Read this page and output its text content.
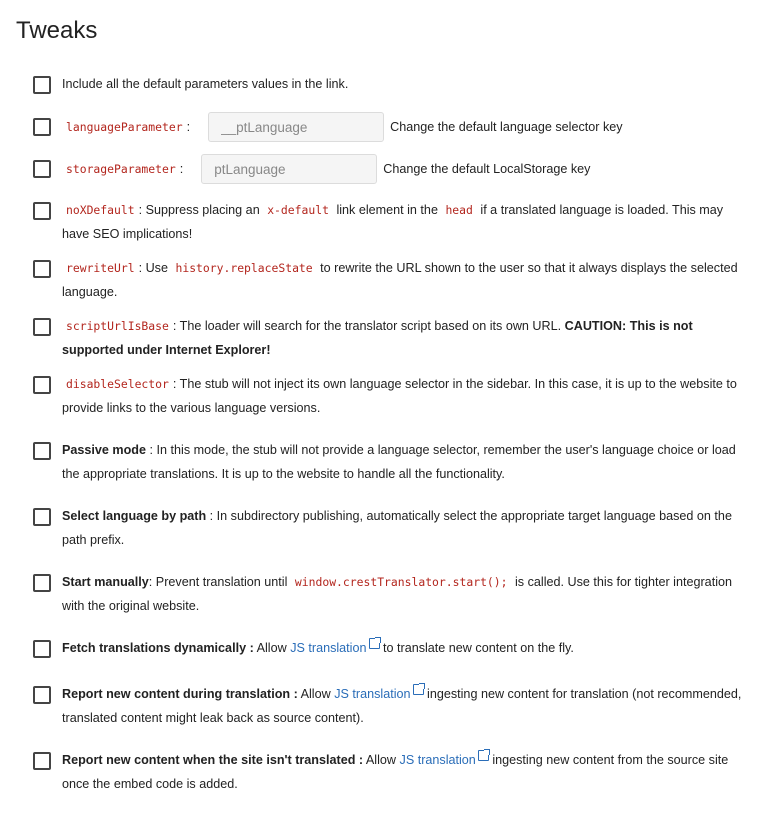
Tweaks
Include all the default parameters values in the link.
languageParameter :
__ptLanguage	Change the default language selector key
storageParameter :
ptLanguage	Change the default LocalStorage key
noXDefault : Suppress placing an x-default link element in the head if a translated language is loaded. This may have SEO implications!
rewriteUrl : Use history.replaceState to rewrite the URL shown to the user so that it always displays the selected language.
scriptUrlIsBase : The loader will search for the translator script based on its own URL. CAUTION: This is not supported under Internet Explorer!
disableSelector : The stub will not inject its own language selector in the sidebar. In this case, it is up to the website to provide links to the various language versions.
Passive mode : In this mode, the stub will not provide a language selector, remember the user's language choice or load the appropriate translations. It is up to the website to handle all the functionality.
Select language by path : In subdirectory publishing, automatically select the appropriate target language based on the path prefix.
Start manually: Prevent translation until window.crestTranslator.start(); is called. Use this for tighter integration with the original website.
Fetch translations dynamically : Allow JS translation to translate new content on the fly.
Report new content during translation : Allow JS translation ingesting new content for translation (not recommended, translated content might leak back as source content).
Report new content when the site isn't translated : Allow JS translation ingesting new content from the source site once the embed code is added.
